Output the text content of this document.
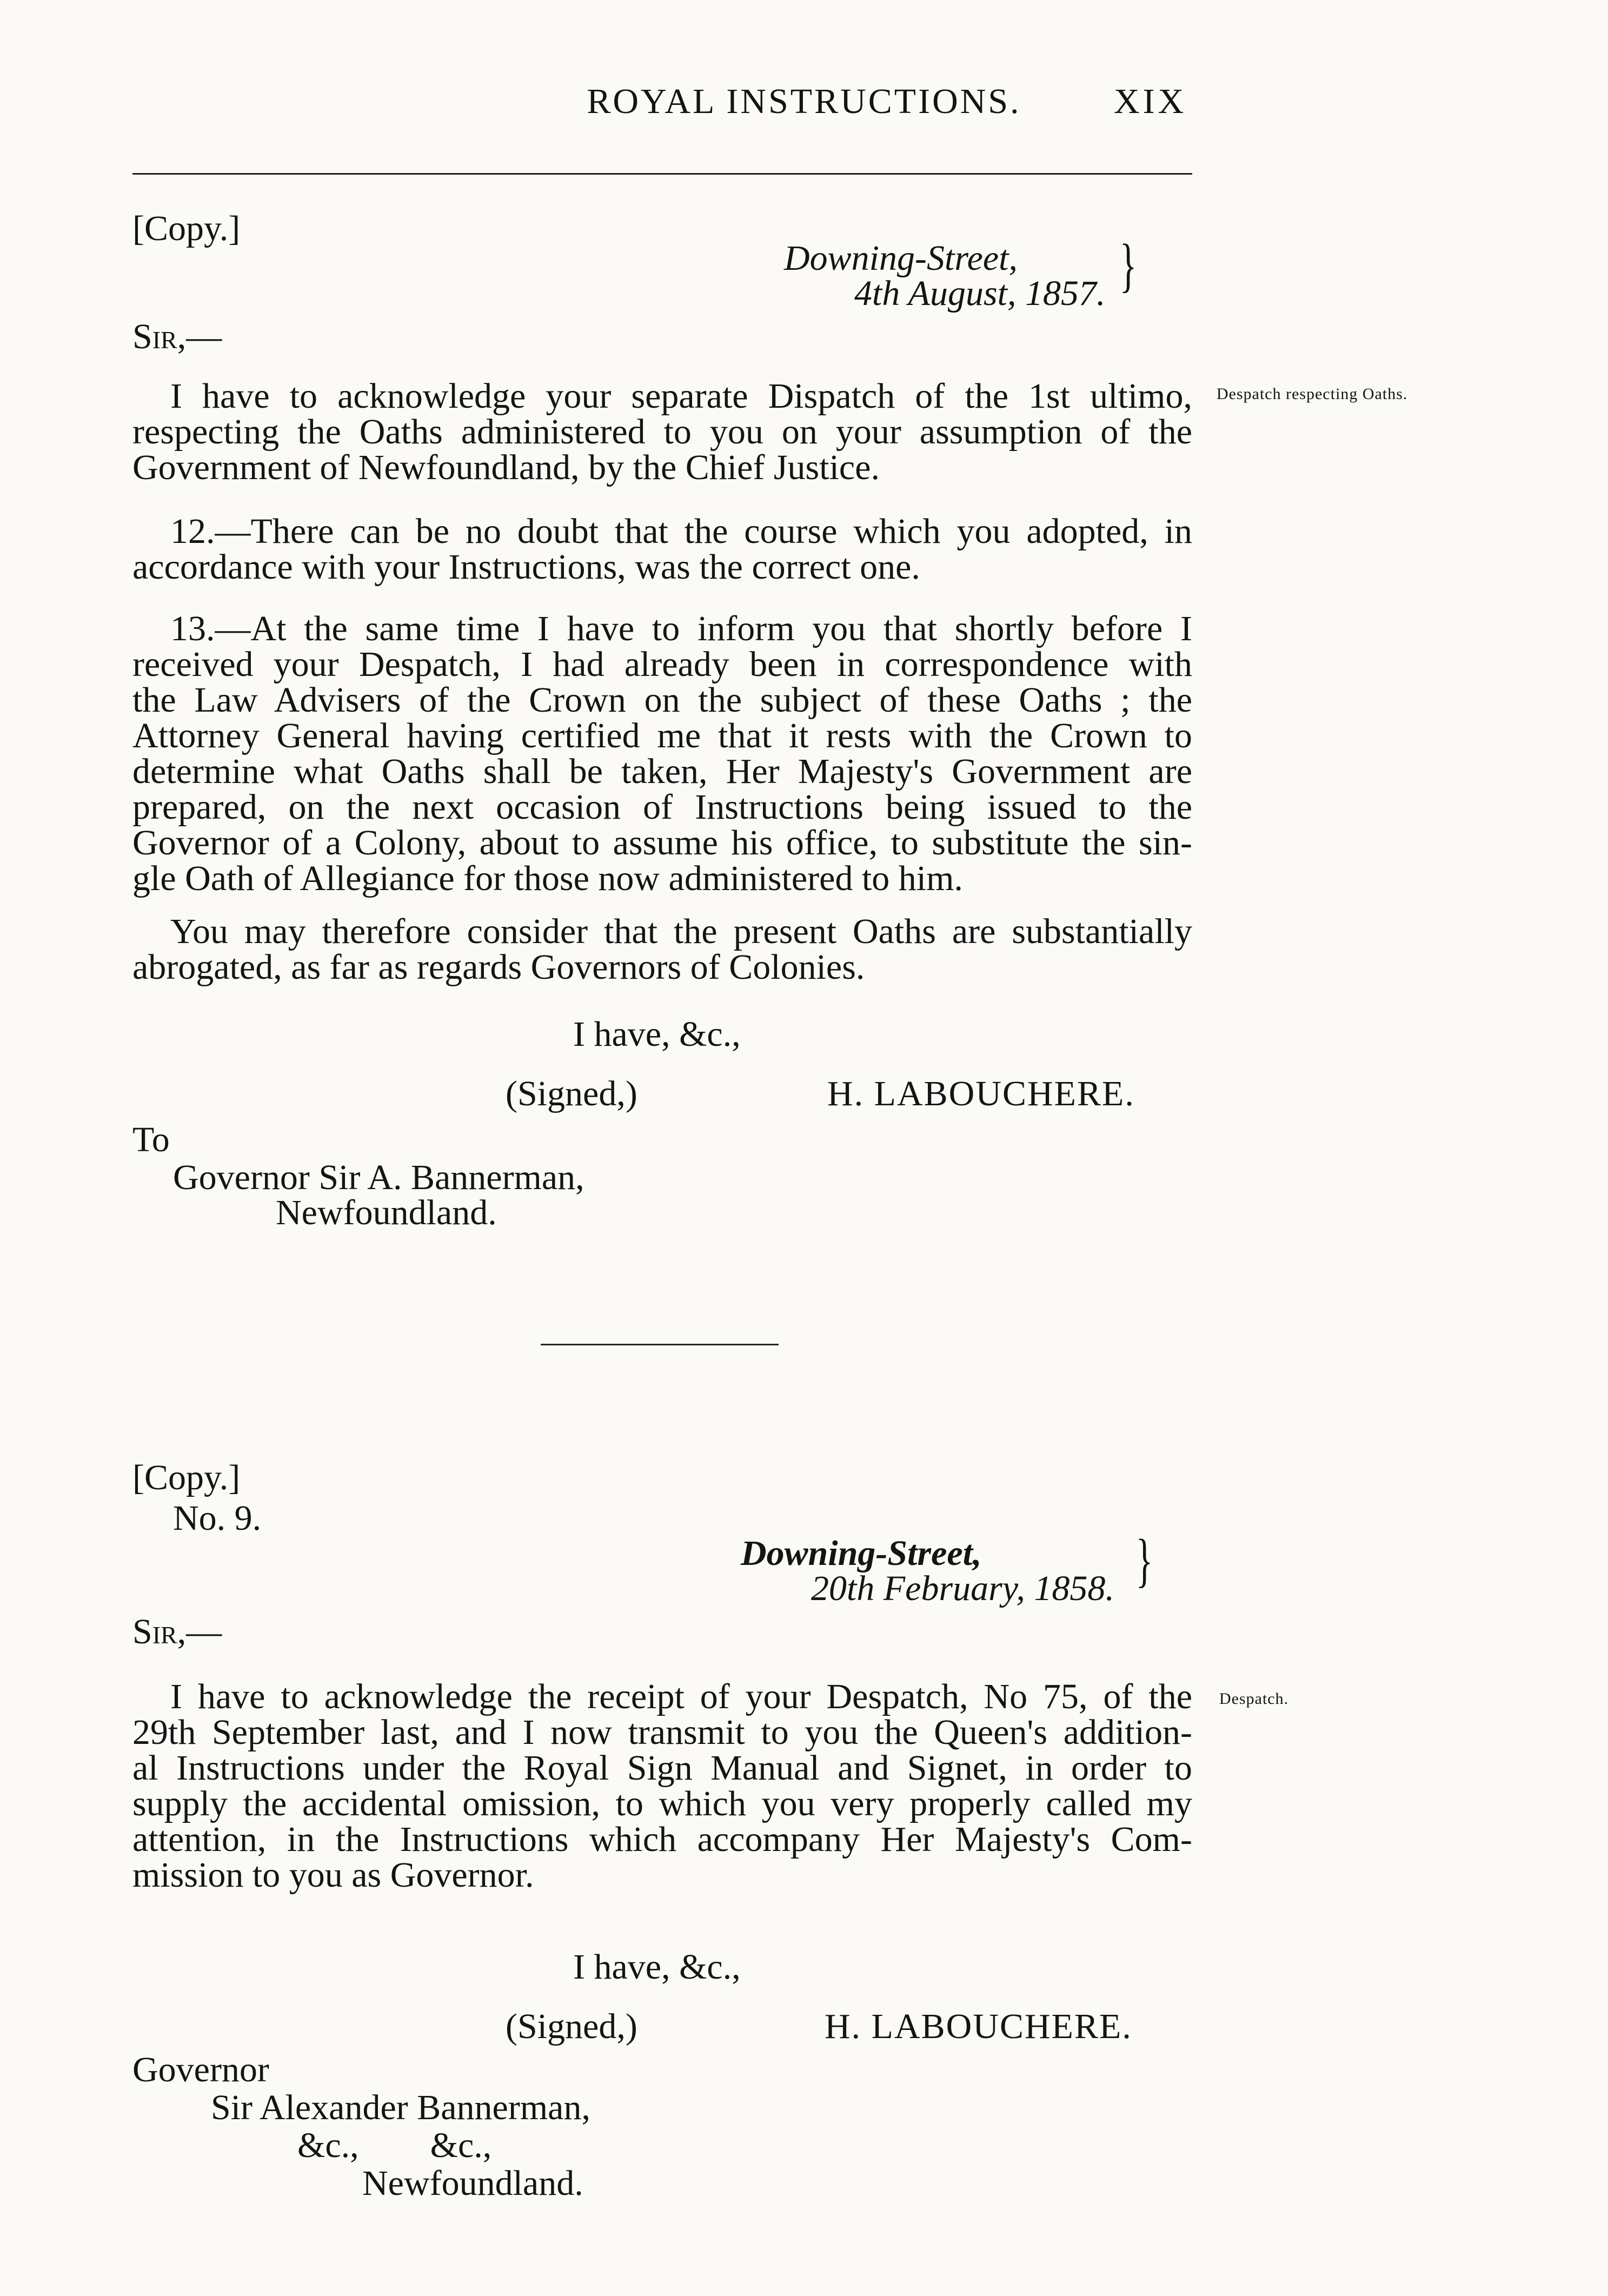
ROYAL INSTRUCTIONS.	XIX
[Copy.]
Downing-Street,
4th August, 1857. }
Sir,—
Despatch respecting Oaths.
I have to acknowledge your separate Dispatch of the 1st ultimo,
respecting the Oaths administered to you on your assumption of the
Government of Newfoundland, by the Chief Justice.
12.—There can be no doubt that the course which you adopted, in
accordance with your Instructions, was the correct one.
13.—At the same time I have to inform you that shortly before I
received your Despatch, I had already been in correspondence with
the Law Advisers of the Crown on the subject of these Oaths ; the
Attorney General having certified me that it rests with the Crown to
determine what Oaths shall be taken, Her Majesty's Government are
prepared, on the next occasion of Instructions being issued to the
Governor of a Colony, about to assume his office, to substitute the sin-
gle Oath of Allegiance for those now administered to him.
You may therefore consider that the present Oaths are substantially
abrogated, as far as regards Governors of Colonies.
I have, &c.,
(Signed,)	H. LABOUCHERE.
To
Governor Sir A. Bannerman,
Newfoundland.
[Copy.]
No. 9.
Downing-Street,
20th February, 1858. }
Sir,—
Despatch.
I have to acknowledge the receipt of your Despatch, No 75, of the
29th September last, and I now transmit to you the Queen's addition-
al Instructions under the Royal Sign Manual and Signet, in order to
supply the accidental omission, to which you very properly called my
attention, in the Instructions which accompany Her Majesty's Com-
mission to you as Governor.
I have, &c.,
(Signed,)	H. LABOUCHERE.
Governor
Sir Alexander Bannerman,
&c.,        &c.,
Newfoundland.
